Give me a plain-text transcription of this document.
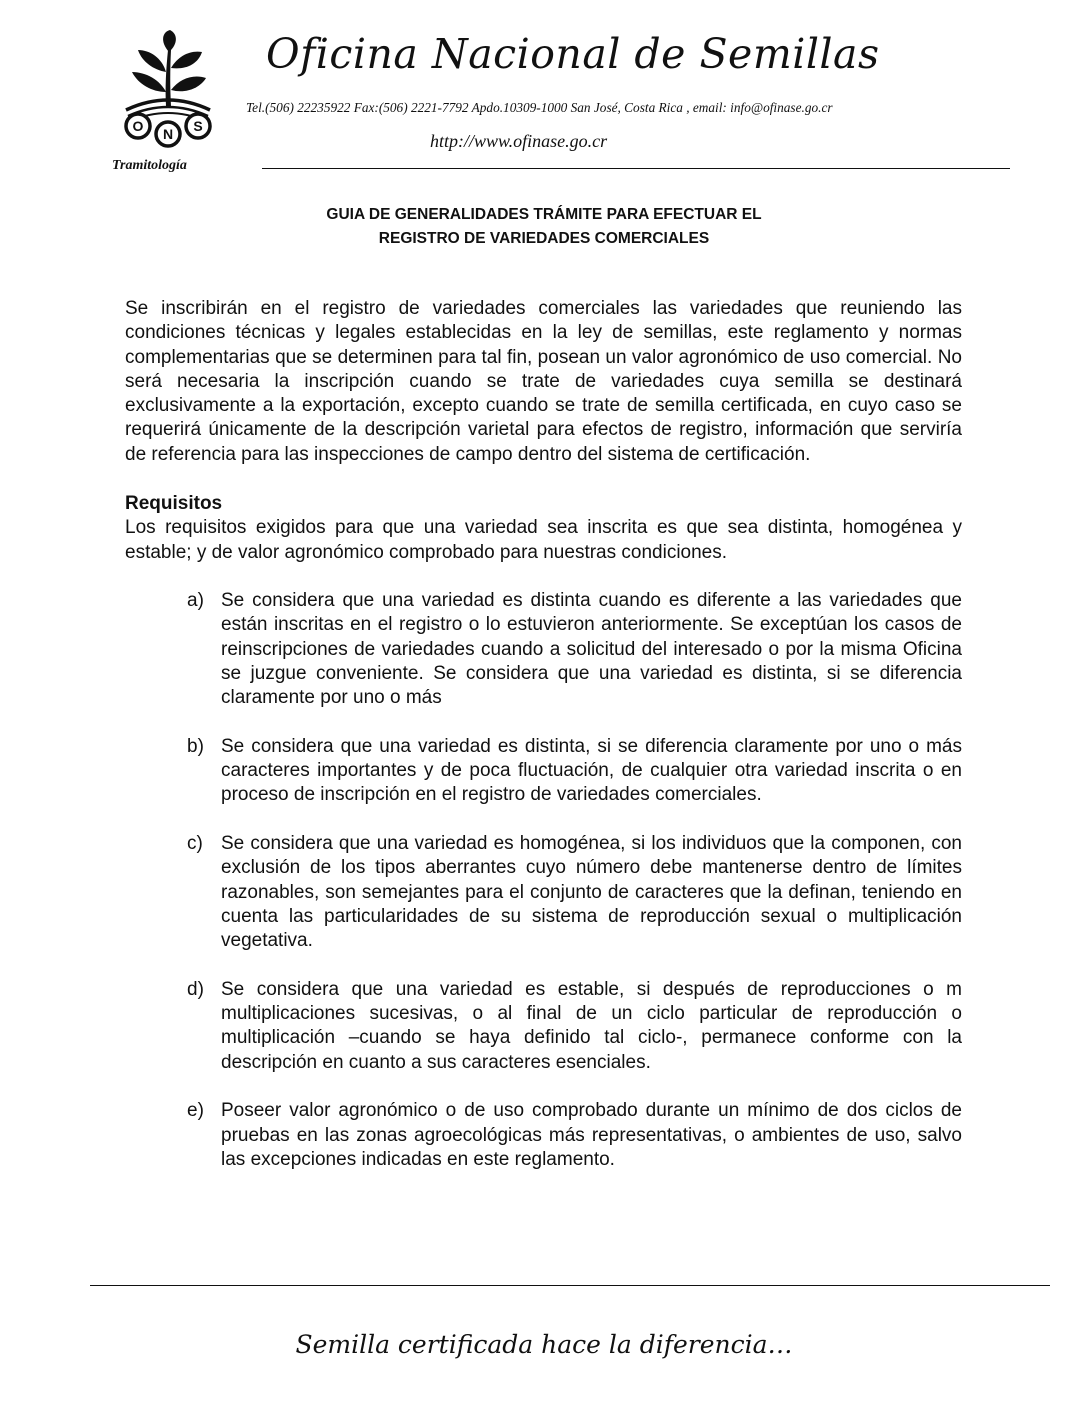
O N S
Oficina Nacional de Semillas
Tel.(506) 22235922 Fax:(506) 2221-7792 Apdo.10309-1000 San José, Costa Rica , email: info@ofinase.go.cr
http://www.ofinase.go.cr
Tramitología
GUIA DE GENERALIDADES TRÁMITE PARA EFECTUAR EL
REGISTRO DE VARIEDADES COMERCIALES

Se inscribirán en el registro de variedades comerciales las variedades que reuniendo las condiciones técnicas y legales establecidas en la ley de semillas, este reglamento y normas complementarias que se determinen para tal fin, posean un valor agronómico de uso comercial. No será necesaria la inscripción cuando se trate de variedades cuya semilla se destinará exclusivamente a la exportación, excepto cuando se trate de semilla certificada, en cuyo caso se requerirá únicamente de la descripción varietal para efectos de registro, información que serviría de referencia para las inspecciones de campo dentro del sistema de certificación.

Requisitos

Los requisitos exigidos para que una variedad sea inscrita es que sea distinta, homogénea y estable; y de valor agronómico comprobado para nuestras condiciones.

a) Se considera que una variedad es distinta cuando es diferente a las variedades que están inscritas en el registro o lo estuvieron anteriormente. Se exceptúan los casos de reinscripciones de variedades cuando a solicitud del interesado o por la misma Oficina se juzgue conveniente. Se considera que una variedad es distinta, si se diferencia claramente por uno o más
b) Se considera que una variedad es distinta, si se diferencia claramente por uno o más caracteres importantes y de poca fluctuación, de cualquier otra variedad inscrita o en proceso de inscripción en el registro de variedades comerciales.
c) Se considera que una variedad es homogénea, si los individuos que la componen, con exclusión de los tipos aberrantes cuyo número debe mantenerse dentro de límites razonables, son semejantes para el conjunto de caracteres que la definan, teniendo en cuenta las particularidades de su sistema de reproducción sexual o multiplicación vegetativa.
d) Se considera que una variedad es estable, si después de reproducciones o m multiplicaciones sucesivas, o al final de un ciclo particular de reproducción o multiplicación –cuando se haya definido tal ciclo-, permanece conforme con la descripción en cuanto a sus caracteres esenciales.
e) Poseer valor agronómico o de uso comprobado durante un mínimo de dos ciclos de pruebas en las zonas agroecológicas más representativas, o ambientes de uso, salvo las excepciones indicadas en este reglamento.
Semilla certificada hace la diferencia…
